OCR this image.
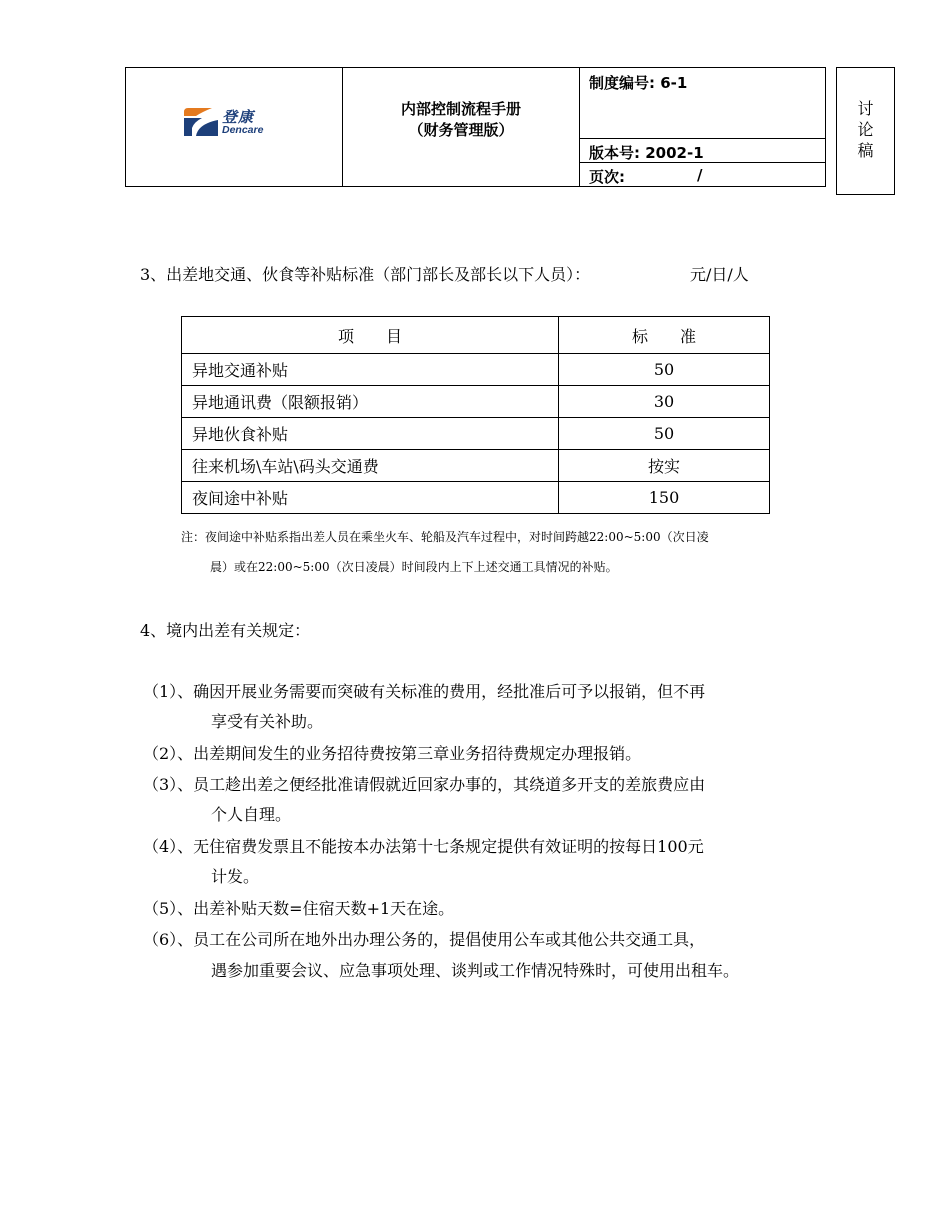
登康
Dencare
内部控制流程手册
（财务管理版）
制度编号: 6-1
版本号: 2002-1
页次:	/
讨
论
稿
3、出差地交通、伙食等补贴标准（部门部长及部长以下人员）：	元/日/人
项　　目	标　　准
异地交通补贴	50
异地通讯费（限额报销）	30
异地伙食补贴	50
往来机场\车站\码头交通费	按实
夜间途中补贴	150
注：夜间途中补贴系指出差人员在乘坐火车、轮船及汽车过程中，对时间跨越22:00~5:00（次日凌
晨）或在22:00~5:00（次日凌晨）时间段内上下上述交通工具情况的补贴。
4、境内出差有关规定：
（1）、确因开展业务需要而突破有关标准的费用，经批准后可予以报销，但不再
享受有关补助。
（2）、出差期间发生的业务招待费按第三章业务招待费规定办理报销。
（3）、员工趁出差之便经批准请假就近回家办事的，其绕道多开支的差旅费应由
个人自理。
（4）、无住宿费发票且不能按本办法第十七条规定提供有效证明的按每日100元
计发。
（5）、出差补贴天数=住宿天数+1天在途。
（6）、员工在公司所在地外出办理公务的，提倡使用公车或其他公共交通工具，
遇参加重要会议、应急事项处理、谈判或工作情况特殊时，可使用出租车。
